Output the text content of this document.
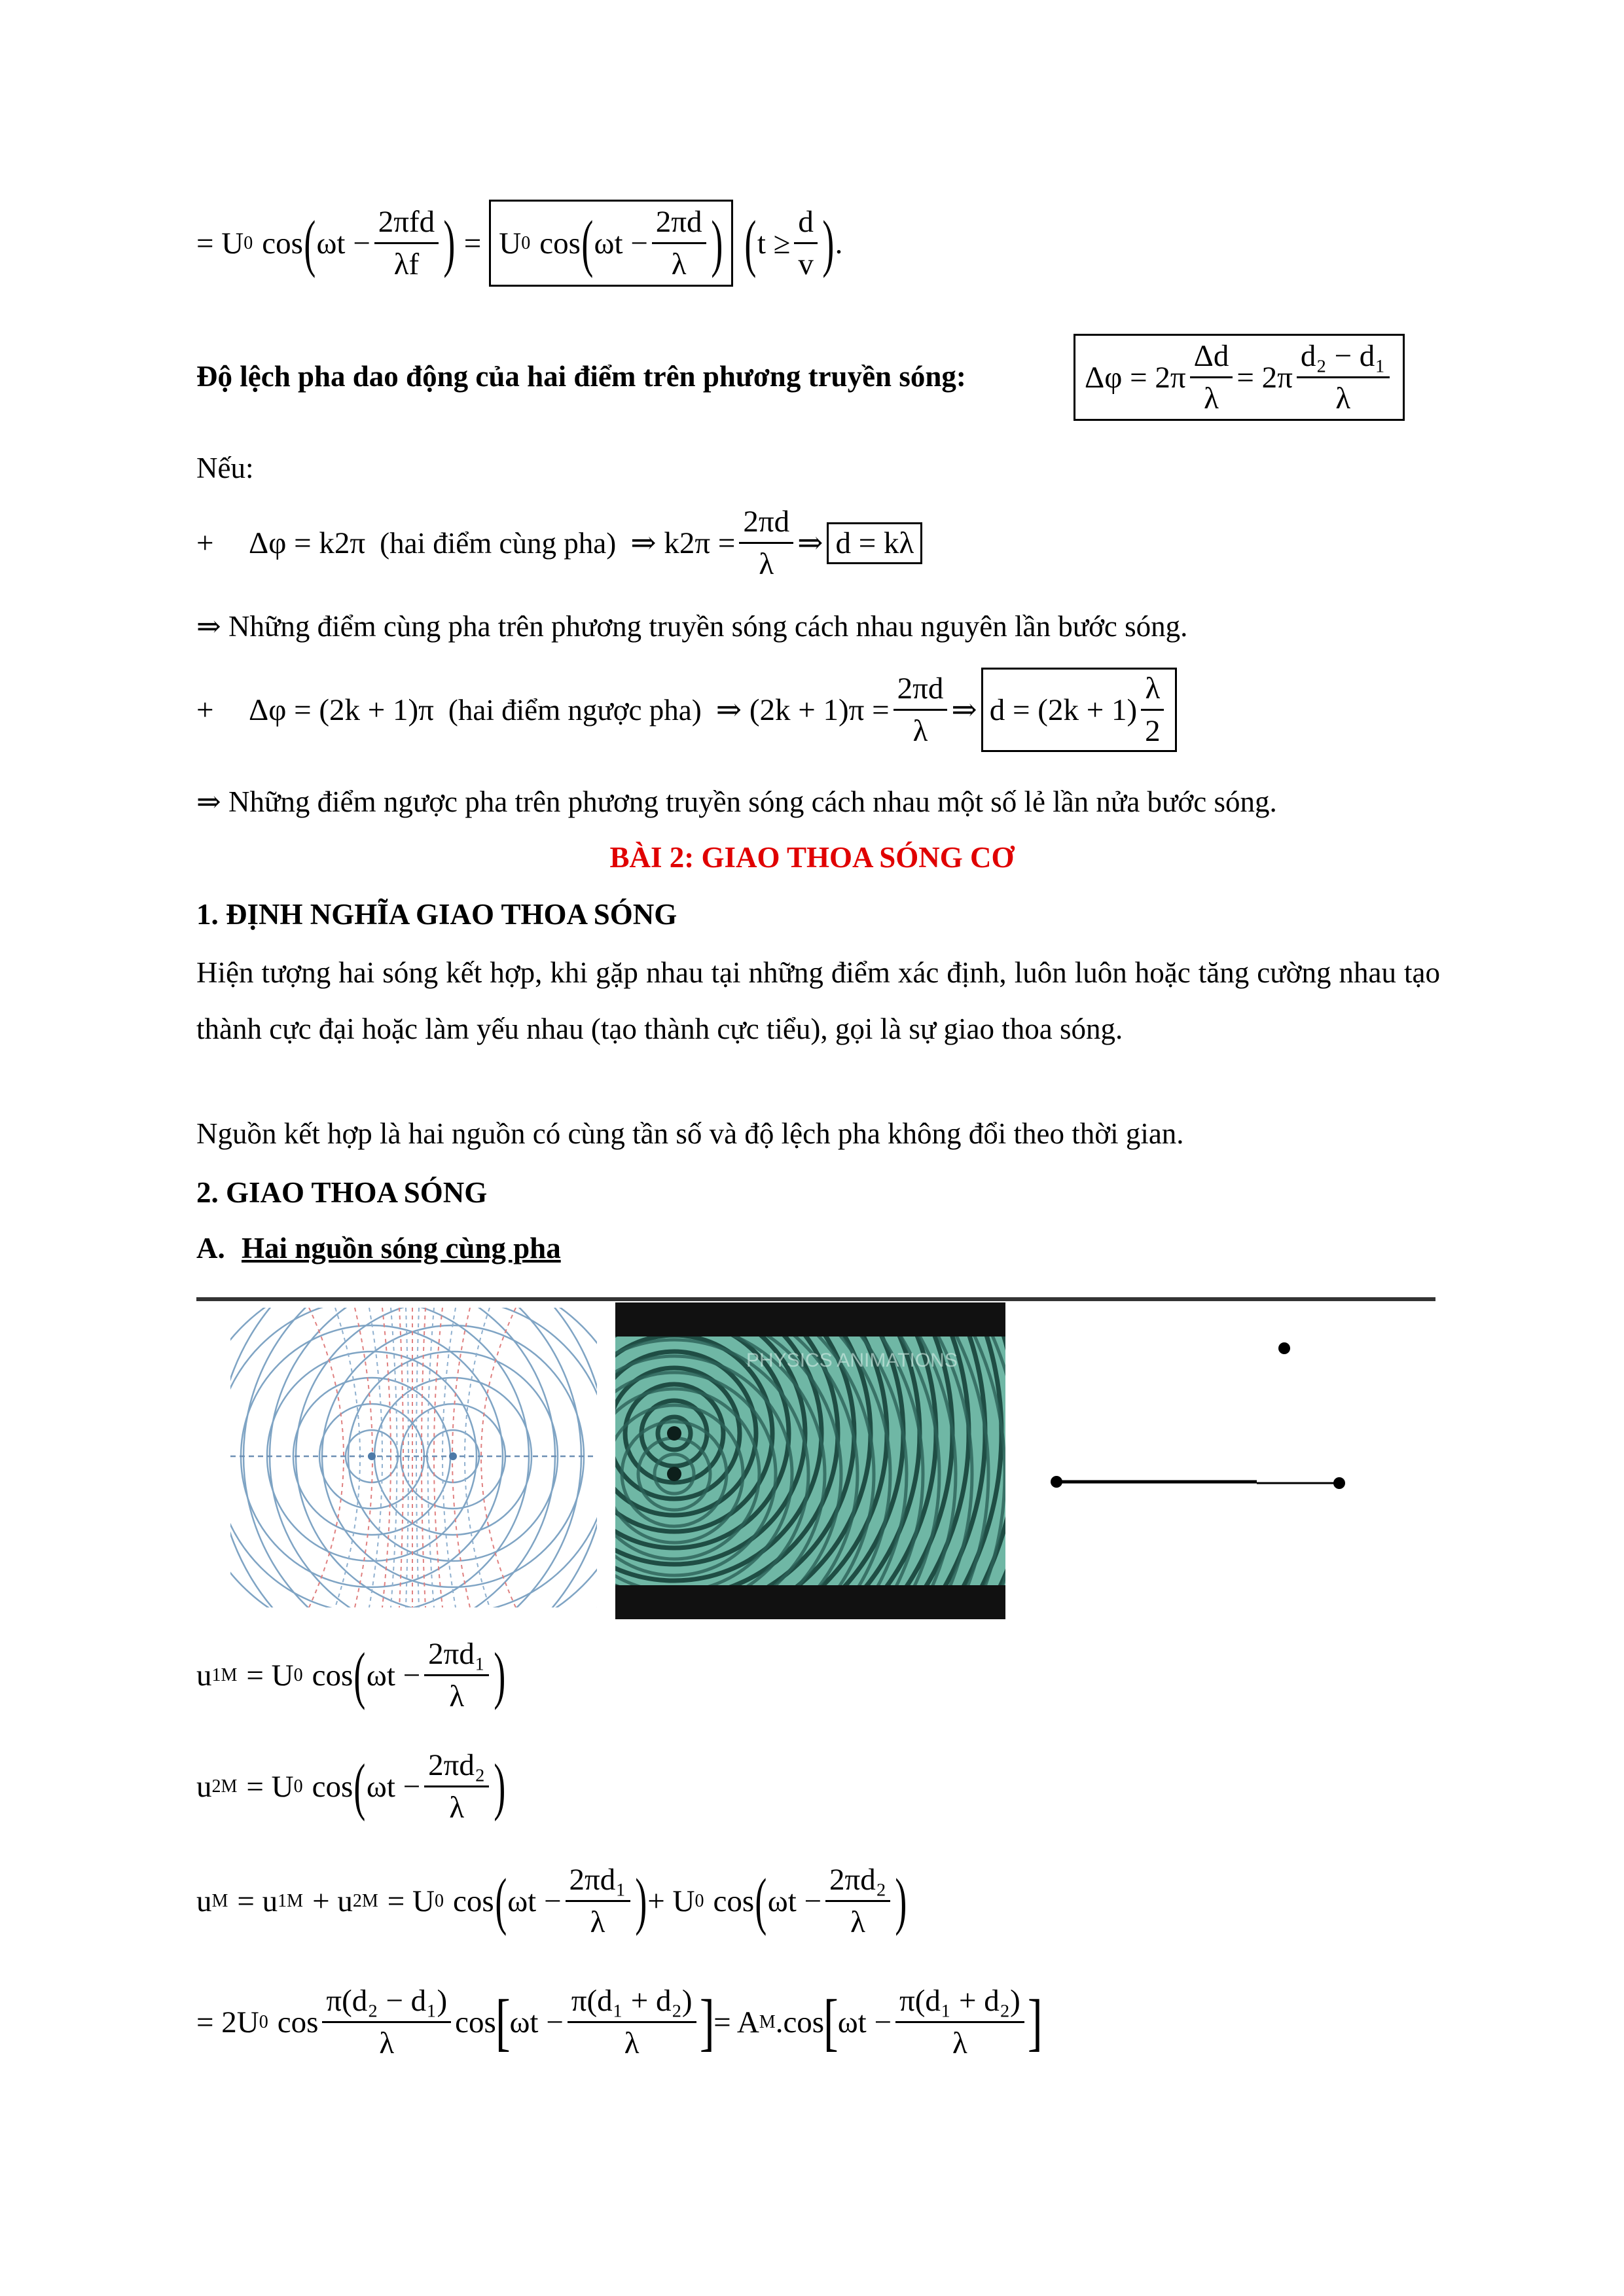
= U 0 cos ( $\omega t - \frac{\text{2πfd}}{\lambda f}$ ) = U 0 cos ( $\omega t - \frac{2\pi d}{\lambda}$ ) ( $t \ge \frac{d}{v}$ ) .
Độ lệch pha dao động của hai điểm trên phương truyền sóng:	$\Delta\varphi = 2\pi \frac{\Delta d}{\lambda} = 2\pi \frac{\text{d₂ − d₁}}{\lambda}$
Nếu:
+	Δφ = k2π (hai điểm cùng pha) ⇒ $k2\pi = \frac{2\pi d}{\lambda}$ ⇒ d = kλ
⇒ Những điểm cùng pha trên phương truyền sóng cách nhau nguyên lần bước sóng.
+	Δφ = (2k + 1)π (hai điểm ngược pha) ⇒ $(2k + 1)\pi = \frac{2\pi d}{\lambda}$ ⇒ $d = (2k + 1) \frac{\lambda}{2}$
⇒ Những điểm ngược pha trên phương truyền sóng cách nhau một số lẻ lần nửa bước sóng.
BÀI 2: GIAO THOA SÓNG CƠ
1. ĐỊNH NGHĨA GIAO THOA SÓNG
Hiện tượng hai sóng kết hợp, khi gặp nhau tại những điểm xác định, luôn luôn hoặc tăng cường nhau tạo thành cực đại hoặc làm yếu nhau (tạo thành cực tiểu), gọi là sự giao thoa sóng.
Nguồn kết hợp là hai nguồn có cùng tần số và độ lệch pha không đổi theo thời gian.
2. GIAO THOA SÓNG
A. Hai nguồn sóng cùng pha
PHYSICS ANIMATIONS
u 1M = U 0 cos ( $\omega t - \frac{\text{2πd₁}}{\lambda}$ )
u 2M = U 0 cos ( $\omega t - \frac{\text{2πd₂}}{\lambda}$ )
u M = u 1M + u 2M = U 0 cos ( $\omega t - \frac{\text{2πd₁}}{\lambda}$ ) + U 0 cos ( $\omega t - \frac{\text{2πd₂}}{\lambda}$ )
= 2U 0 $\cos \frac{\text{π(d₂ − d₁)}}{\lambda}$ cos
[
$\omega t - \frac{\text{π(d₁ + d₂)}}{\lambda}$ ]
= A M .cos
[
$\omega t - \frac{\text{π(d₁ + d₂)}}{\lambda}$ ]
